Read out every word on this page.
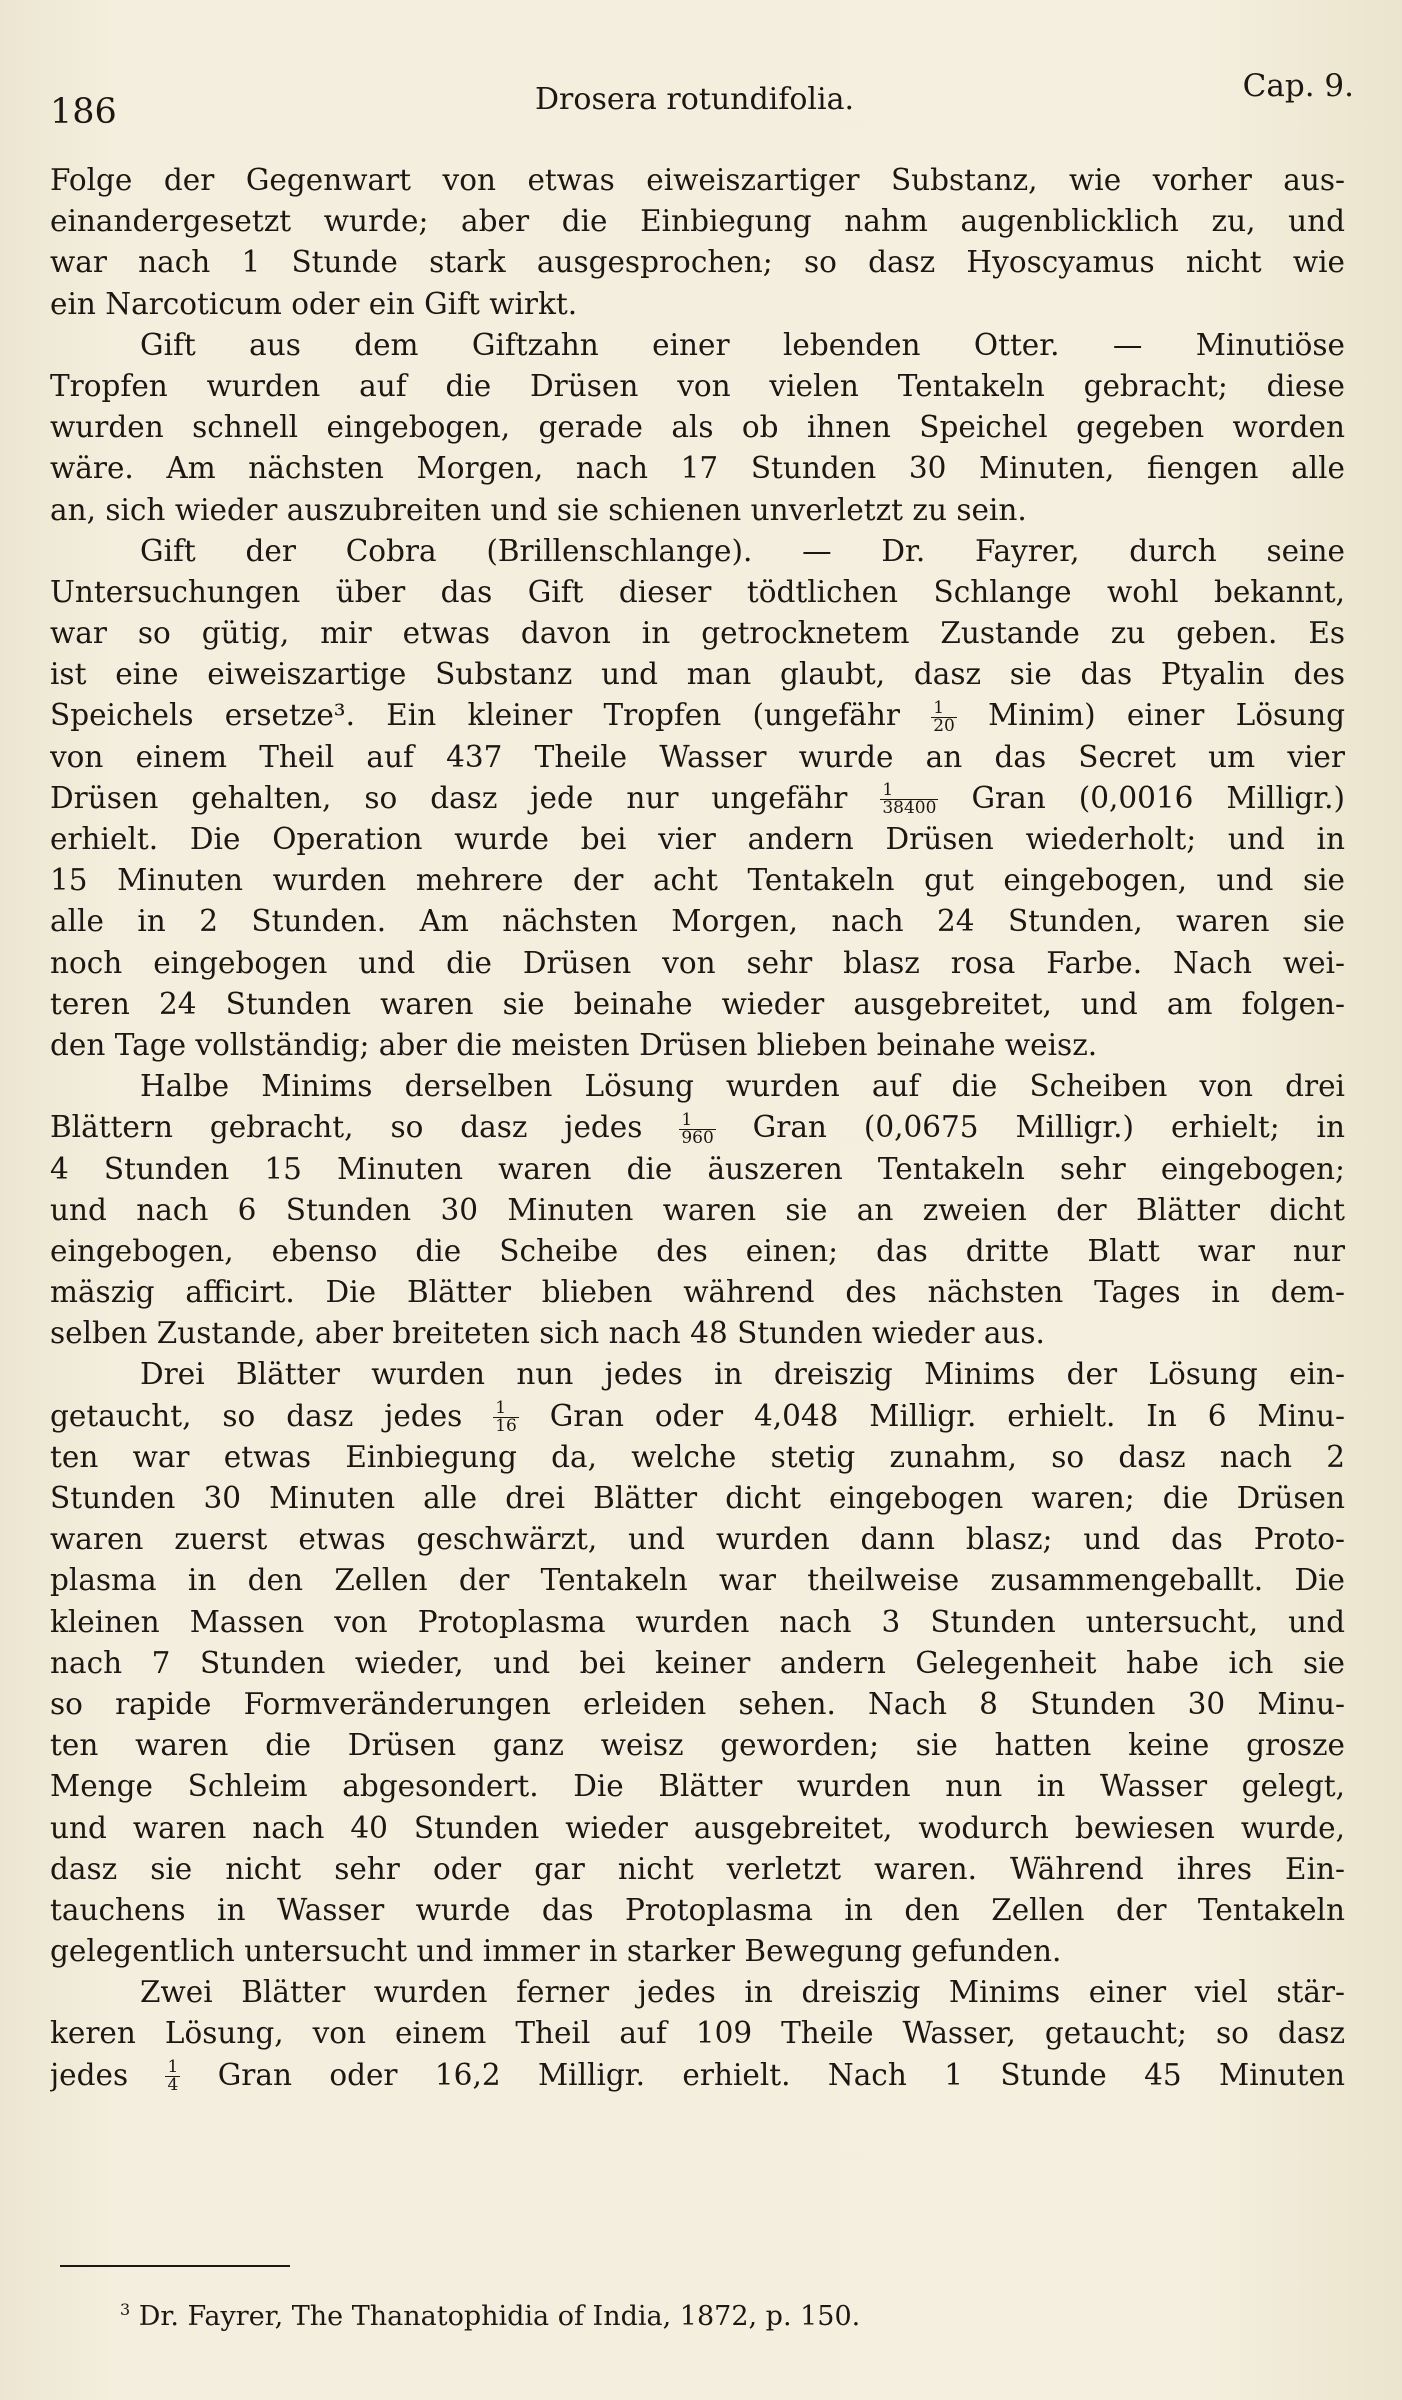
186	Drosera rotundifolia.	Cap. 9.
Folge der Gegenwart von etwas eiweiszartiger Substanz, wie vorher aus-
einandergesetzt wurde; aber die Einbiegung nahm augenblicklich zu, und
war nach 1 Stunde stark ausgesprochen; so dasz Hyoscyamus nicht wie
ein Narcoticum oder ein Gift wirkt.
Gift aus dem Giftzahn einer lebenden Otter. — Minutiöse
Tropfen wurden auf die Drüsen von vielen Tentakeln gebracht; diese
wurden schnell eingebogen, gerade als ob ihnen Speichel gegeben worden
wäre. Am nächsten Morgen, nach 17 Stunden 30 Minuten, fiengen alle
an, sich wieder auszubreiten und sie schienen unverletzt zu sein.
Gift der Cobra (Brillenschlange). — Dr. Fayrer, durch seine
Untersuchungen über das Gift dieser tödtlichen Schlange wohl bekannt,
war so gütig, mir etwas davon in getrocknetem Zustande zu geben. Es
ist eine eiweiszartige Substanz und man glaubt, dasz sie das Ptyalin des
Speichels ersetze³. Ein kleiner Tropfen (ungefähr $\frac{1}{20}$ Minim) einer Lösung
von einem Theil auf 437 Theile Wasser wurde an das Secret um vier
Drüsen gehalten, so dasz jede nur ungefähr $\frac{1}{38400}$ Gran (0,0016 Milligr.)
erhielt. Die Operation wurde bei vier andern Drüsen wiederholt; und in
15 Minuten wurden mehrere der acht Tentakeln gut eingebogen, und sie
alle in 2 Stunden. Am nächsten Morgen, nach 24 Stunden, waren sie
noch eingebogen und die Drüsen von sehr blasz rosa Farbe. Nach wei-
teren 24 Stunden waren sie beinahe wieder ausgebreitet, und am folgen-
den Tage vollständig; aber die meisten Drüsen blieben beinahe weisz.
Halbe Minims derselben Lösung wurden auf die Scheiben von drei
Blättern gebracht, so dasz jedes $\frac{1}{960}$ Gran (0,0675 Milligr.) erhielt; in
4 Stunden 15 Minuten waren die äuszeren Tentakeln sehr eingebogen;
und nach 6 Stunden 30 Minuten waren sie an zweien der Blätter dicht
eingebogen, ebenso die Scheibe des einen; das dritte Blatt war nur
mäszig afficirt. Die Blätter blieben während des nächsten Tages in dem-
selben Zustande, aber breiteten sich nach 48 Stunden wieder aus.
Drei Blätter wurden nun jedes in dreiszig Minims der Lösung ein-
getaucht, so dasz jedes $\frac{1}{16}$ Gran oder 4,048 Milligr. erhielt. In 6 Minu-
ten war etwas Einbiegung da, welche stetig zunahm, so dasz nach 2
Stunden 30 Minuten alle drei Blätter dicht eingebogen waren; die Drüsen
waren zuerst etwas geschwärzt, und wurden dann blasz; und das Proto-
plasma in den Zellen der Tentakeln war theilweise zusammengeballt. Die
kleinen Massen von Protoplasma wurden nach 3 Stunden untersucht, und
nach 7 Stunden wieder, und bei keiner andern Gelegenheit habe ich sie
so rapide Formveränderungen erleiden sehen. Nach 8 Stunden 30 Minu-
ten waren die Drüsen ganz weisz geworden; sie hatten keine grosze
Menge Schleim abgesondert. Die Blätter wurden nun in Wasser gelegt,
und waren nach 40 Stunden wieder ausgebreitet, wodurch bewiesen wurde,
dasz sie nicht sehr oder gar nicht verletzt waren. Während ihres Ein-
tauchens in Wasser wurde das Protoplasma in den Zellen der Tentakeln
gelegentlich untersucht und immer in starker Bewegung gefunden.
Zwei Blätter wurden ferner jedes in dreiszig Minims einer viel stär-
keren Lösung, von einem Theil auf 109 Theile Wasser, getaucht; so dasz
jedes $\frac{1}{4}$ Gran oder 16,2 Milligr. erhielt. Nach 1 Stunde 45 Minuten
$^3$ Dr. Fayrer, The Thanatophidia of India, 1872, p. 150.
